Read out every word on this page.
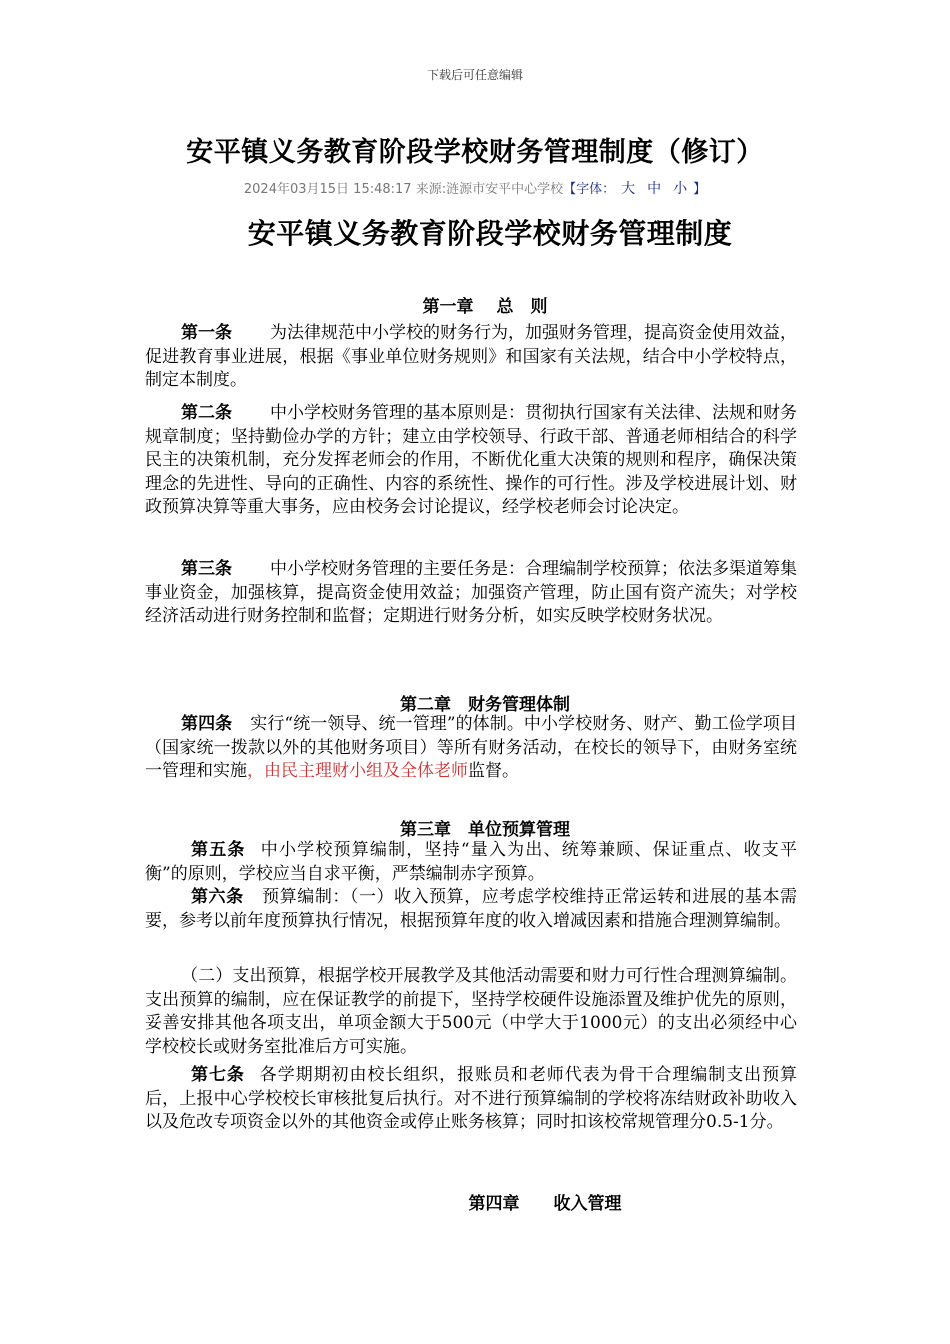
下载后可任意编辑
安平镇义务教育阶段学校财务管理制度（修订）
2024年03月15日 15:48:17 来源:涟源市安平中心学校【字体： 大 中 小 】
安平镇义务教育阶段学校财务管理制度
第一章　 总　则

第一条 为法律规范中小学校的财务行为，加强财务管理，提高资金使用效益，促进教育事业进展，根据《事业单位财务规则》和国家有关法规，结合中小学校特点，制定本制度。

第二条 中小学校财务管理的基本原则是：贯彻执行国家有关法律、法规和财务规章制度；坚持勤俭办学的方针；建立由学校领导、行政干部、普通老师相结合的科学民主的决策机制，充分发挥老师会的作用，不断优化重大决策的规则和程序，确保决策理念的先进性、导向的正确性、内容的系统性、操作的可行性。涉及学校进展计划、财政预算决算等重大事务，应由校务会讨论提议，经学校老师会讨论决定。

第三条 中小学校财务管理的主要任务是：合理编制学校预算；依法多渠道筹集事业资金，加强核算，提高资金使用效益；加强资产管理，防止国有资产流失；对学校经济活动进行财务控制和监督；定期进行财务分析，如实反映学校财务状况。

第二章　财务管理体制

第四条 实行“统一领导、统一管理”的体制。中小学校财务、财产、勤工俭学项目（国家统一拨款以外的其他财务项目）等所有财务活动，在校长的领导下，由财务室统一管理和实施，由民主理财小组及全体老师监督。

第三章　单位预算管理

第五条 中小学校预算编制，坚持“量入为出、统筹兼顾、保证重点、收支平衡”的原则，学校应当自求平衡，严禁编制赤字预算。

第六条 预算编制：（一）收入预算，应考虑学校维持正常运转和进展的基本需要，参考以前年度预算执行情况，根据预算年度的收入增减因素和措施合理测算编制。

（二）支出预算，根据学校开展教学及其他活动需要和财力可行性合理测算编制。支出预算的编制，应在保证教学的前提下，坚持学校硬件设施添置及维护优先的原则，妥善安排其他各项支出，单项金额大于500元（中学大于1000元）的支出必须经中心学校校长或财务室批准后方可实施。

第七条 各学期期初由校长组织，报账员和老师代表为骨干合理编制支出预算后，上报中心学校校长审核批复后执行。对不进行预算编制的学校将冻结财政补助收入以及危改专项资金以外的其他资金或停止账务核算；同时扣该校常规管理分0.5-1分。

第四章　　收入管理
